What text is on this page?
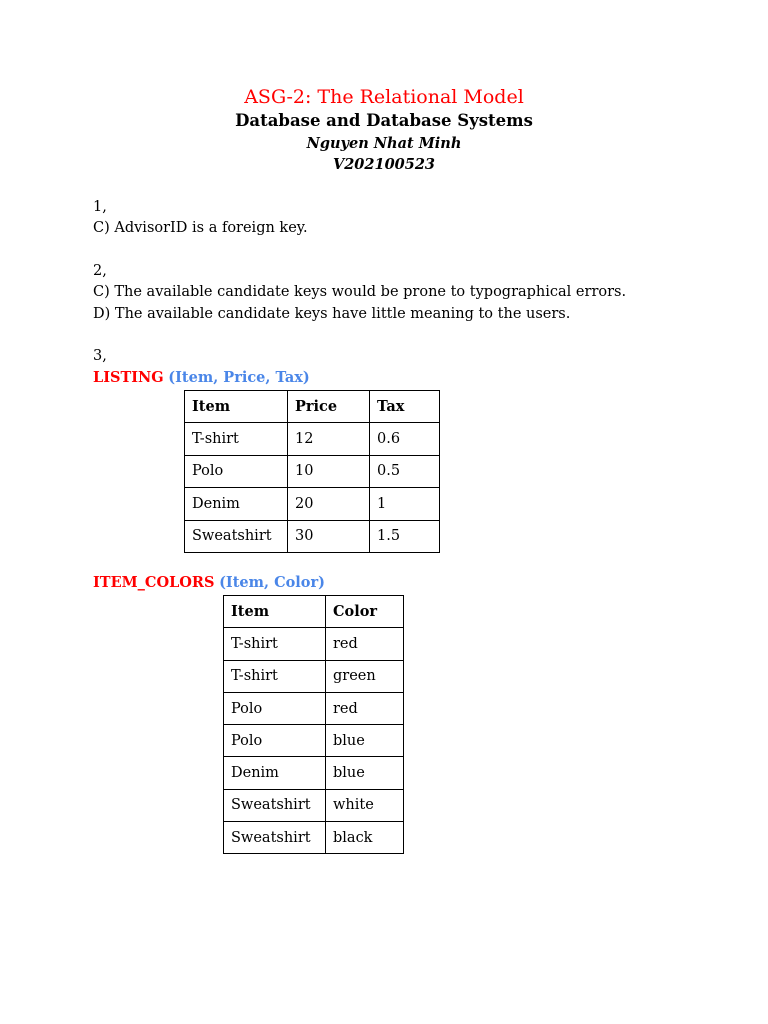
ASG-2: The Relational Model
Database and Database Systems
Nguyen Nhat Minh
V202100523
1,
C) AdvisorID is a foreign key.
2,
C) The available candidate keys would be prone to typographical errors.
D) The available candidate keys have little meaning to the users.
3,
LISTING (Item, Price, Tax)
Item	Price	Tax
T-shirt	12	0.6
Polo	10	0.5
Denim	20	1
Sweatshirt	30	1.5
ITEM_COLORS (Item, Color)
Item	Color
T-shirt	red
T-shirt	green
Polo	red
Polo	blue
Denim	blue
Sweatshirt	white
Sweatshirt	black
